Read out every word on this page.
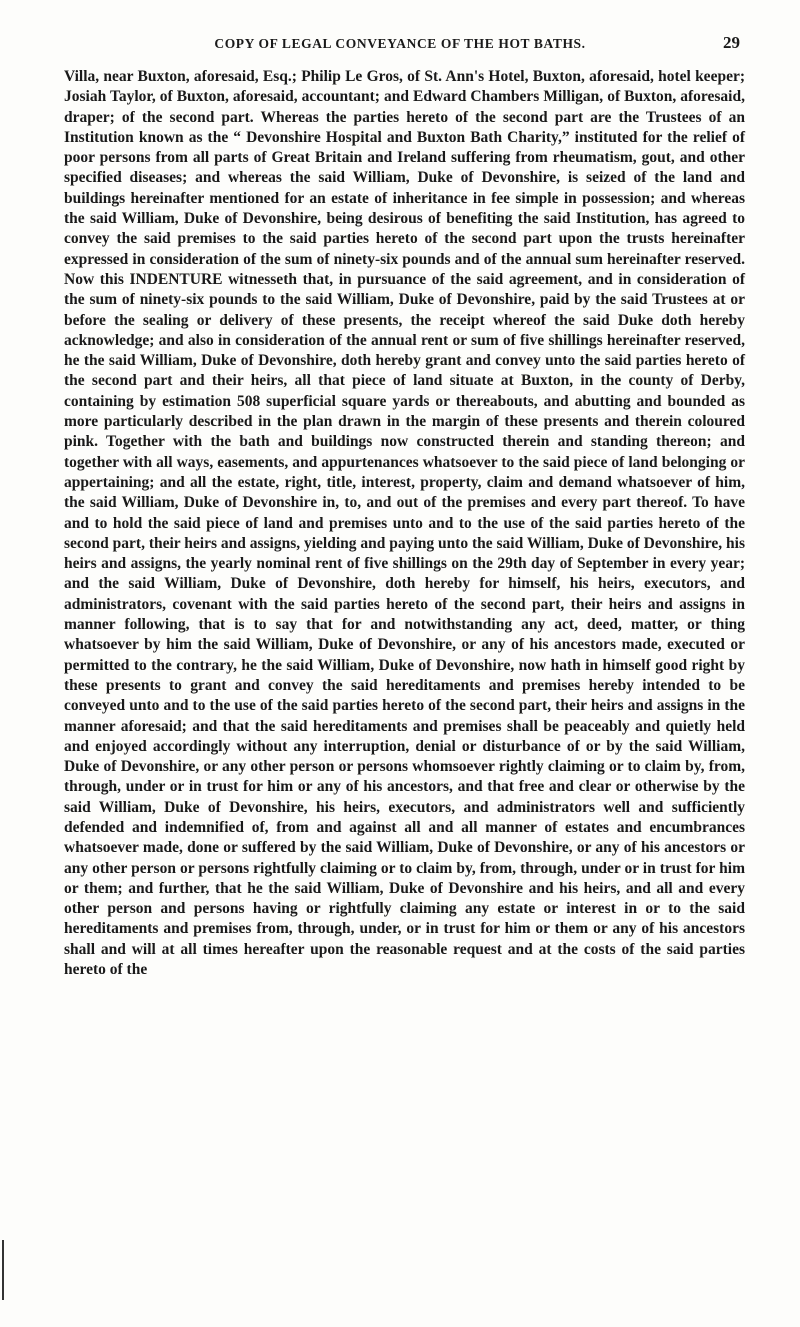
COPY OF LEGAL CONVEYANCE OF THE HOT BATHS.	29

Villa, near Buxton, aforesaid, Esq.; Philip Le Gros, of St. Ann's Hotel, Buxton, aforesaid, hotel keeper; Josiah Taylor, of Buxton, aforesaid, accountant; and Edward Chambers Milligan, of Buxton, aforesaid, draper; of the second part. Whereas the parties hereto of the second part are the Trustees of an Institution known as the “ Devonshire Hospital and Buxton Bath Charity,” instituted for the relief of poor persons from all parts of Great Britain and Ireland suffering from rheumatism, gout, and other specified diseases; and whereas the said William, Duke of Devonshire, is seized of the land and buildings hereinafter mentioned for an estate of inheritance in fee simple in possession; and whereas the said William, Duke of Devonshire, being desirous of benefiting the said Institution, has agreed to convey the said premises to the said parties hereto of the second part upon the trusts hereinafter expressed in consideration of the sum of ninety-six pounds and of the annual sum hereinafter reserved. Now this INDENTURE witnesseth that, in pursuance of the said agreement, and in consideration of the sum of ninety-six pounds to the said William, Duke of Devonshire, paid by the said Trustees at or before the sealing or delivery of these presents, the receipt whereof the said Duke doth hereby acknowledge; and also in consideration of the annual rent or sum of five shillings hereinafter reserved, he the said William, Duke of Devonshire, doth hereby grant and convey unto the said parties hereto of the second part and their heirs, all that piece of land situate at Buxton, in the county of Derby, containing by estimation 508 superficial square yards or thereabouts, and abutting and bounded as more particularly described in the plan drawn in the margin of these presents and therein coloured pink. Together with the bath and buildings now constructed therein and standing thereon; and together with all ways, easements, and appurtenances whatsoever to the said piece of land belonging or appertaining; and all the estate, right, title, interest, property, claim and demand whatsoever of him, the said William, Duke of Devonshire in, to, and out of the premises and every part thereof. To have and to hold the said piece of land and premises unto and to the use of the said parties hereto of the second part, their heirs and assigns, yielding and paying unto the said William, Duke of Devonshire, his heirs and assigns, the yearly nominal rent of five shillings on the 29th day of September in every year; and the said William, Duke of Devonshire, doth hereby for himself, his heirs, executors, and administrators, covenant with the said parties hereto of the second part, their heirs and assigns in manner following, that is to say that for and notwithstanding any act, deed, matter, or thing whatsoever by him the said William, Duke of Devonshire, or any of his ancestors made, executed or permitted to the contrary, he the said William, Duke of Devonshire, now hath in himself good right by these presents to grant and convey the said hereditaments and premises hereby intended to be conveyed unto and to the use of the said parties hereto of the second part, their heirs and assigns in the manner aforesaid; and that the said hereditaments and premises shall be peaceably and quietly held and enjoyed accordingly without any interruption, denial or disturbance of or by the said William, Duke of Devonshire, or any other person or persons whomsoever rightly claiming or to claim by, from, through, under or in trust for him or any of his ancestors, and that free and clear or otherwise by the said William, Duke of Devonshire, his heirs, executors, and administrators well and sufficiently defended and indemnified of, from and against all and all manner of estates and encumbrances whatsoever made, done or suffered by the said William, Duke of Devonshire, or any of his ancestors or any other person or persons rightfully claiming or to claim by, from, through, under or in trust for him or them; and further, that he the said William, Duke of Devonshire and his heirs, and all and every other person and persons having or rightfully claiming any estate or interest in or to the said hereditaments and premises from, through, under, or in trust for him or them or any of his ancestors shall and will at all times hereafter upon the reasonable request and at the costs of the said parties hereto of the
